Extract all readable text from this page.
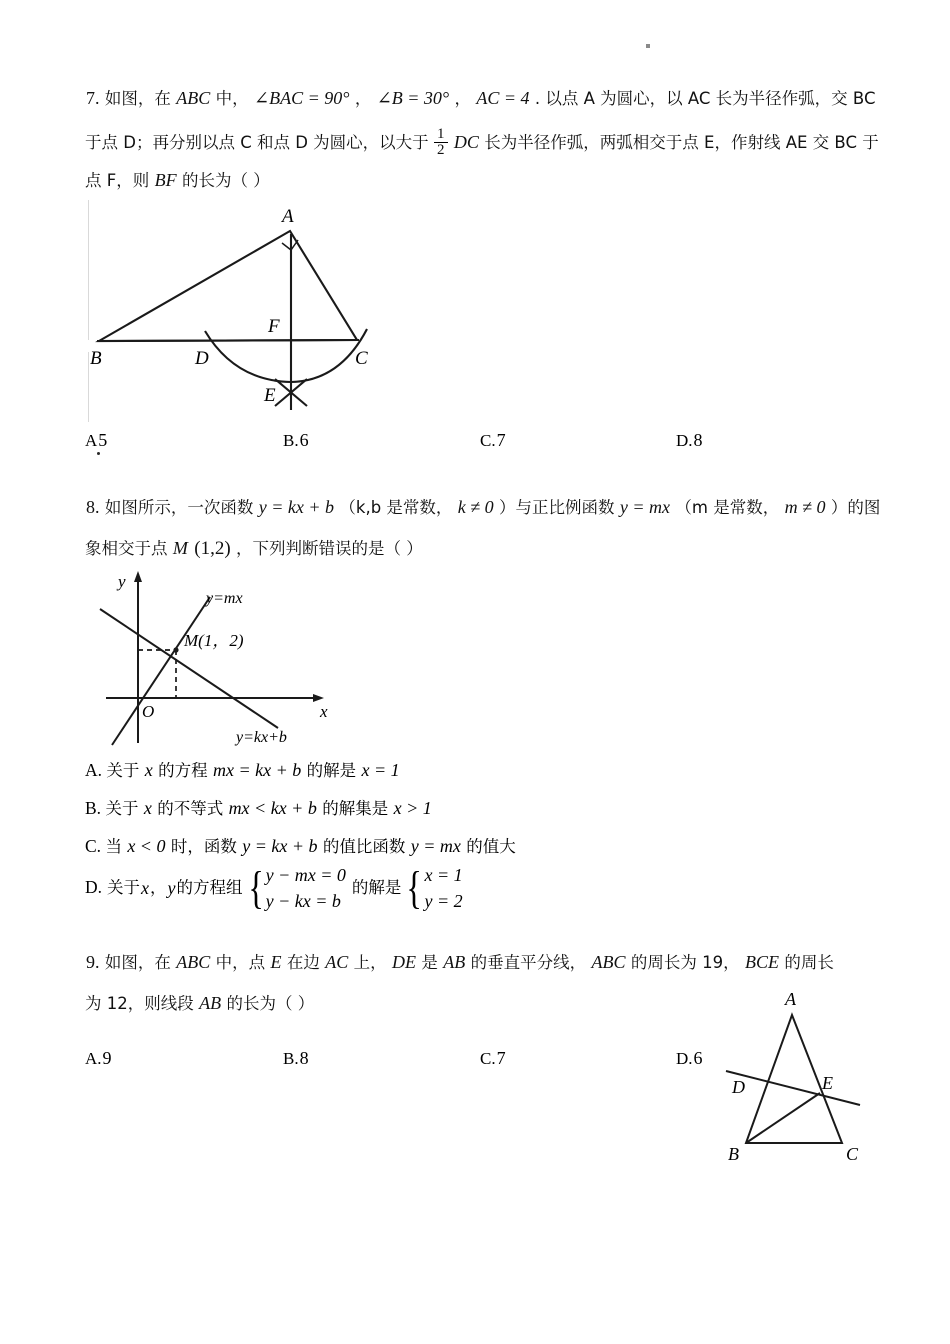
7. 如图，在 ABC 中， ∠BAC = 90° ， ∠B = 30° ， AC = 4 . 以点 A 为圆心，以 AC 长为半径作弧，交 BC
于点 D；再分别以点 C 和点 D 为圆心，以大于 $\frac{1}{2}$ DC 长为半径作弧，两弧相交于点 E，作射线 AE 交 BC 于
点 F，则 BF 的长为（ ）
A
B	C
D
E
F
A5	B.6	C.7	D.8
8. 如图所示，一次函数 y = kx + b （k,b 是常数， k ≠ 0 ）与正比例函数 y = mx （m 是常数， m ≠ 0 ）的图
象相交于点 M (1,2) ，下列判断错误的是（ ）
y
x
O
y=mx
y=kx+b
M(1，2)
A. 关于 x 的方程 mx = kx + b 的解是 x = 1
B. 关于 x 的不等式 mx < kx + b 的解集是 x > 1
C. 当 x < 0 时，函数 y = kx + b 的值比函数 y = mx 的值大
D. 关于 x ， y 的方程组 { y − mx = 0
y − kx = b
的解是 { x = 1
y = 2
9. 如图，在 ABC 中，点 E 在边 AC 上， DE 是 AB 的垂直平分线， ABC 的周长为 19， BCE 的周长
为 12，则线段 AB 的长为（ ）
A.9	B.8	C.7	D.6
A
B	C
D	E
